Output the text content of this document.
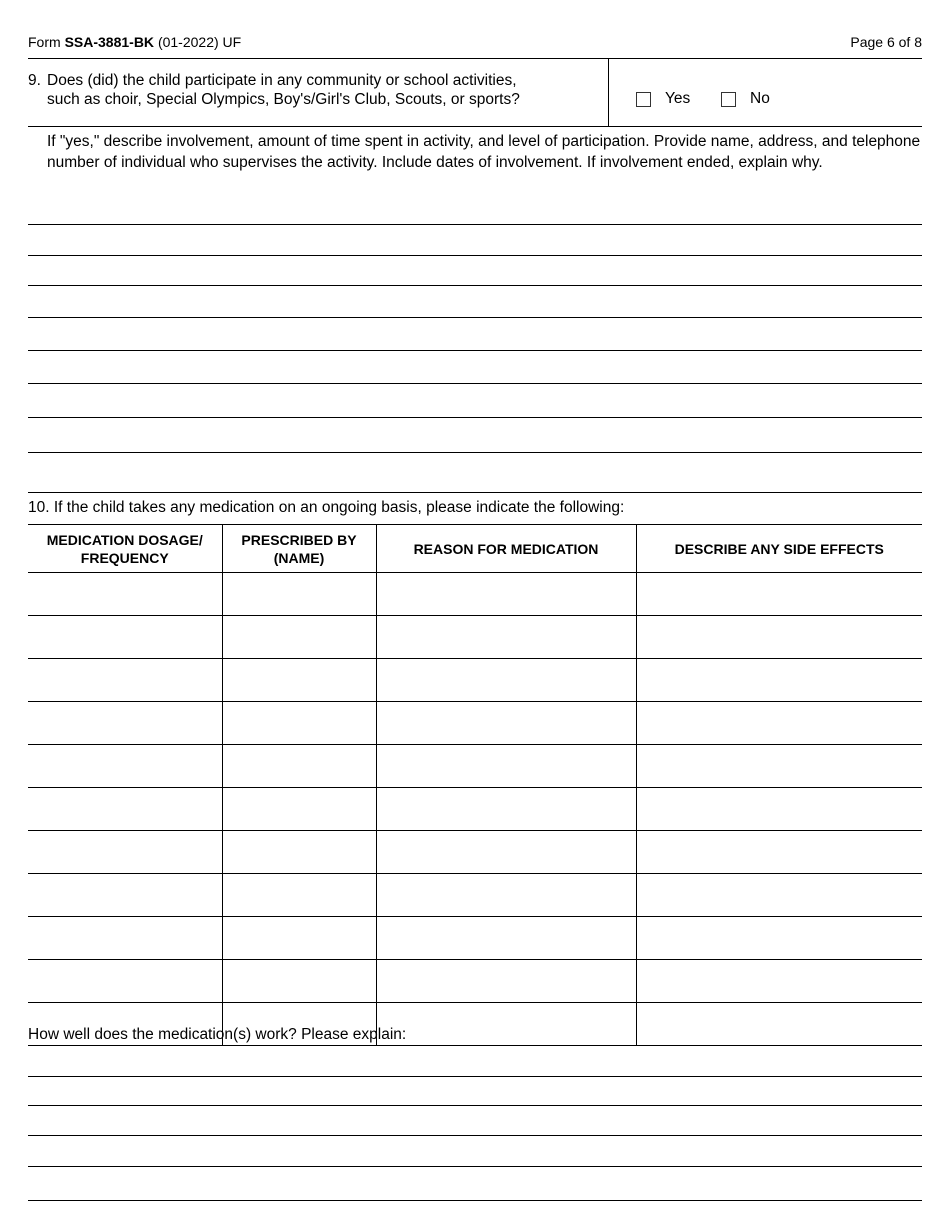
Form SSA-3881-BK (01-2022) UF	Page 6 of 8
9. Does (did) the child participate in any community or school activities,
such as choir, Special Olympics, Boy's/Girl's Club, Scouts, or sports?	Yes	No
If "yes," describe involvement, amount of time spent in activity, and level of participation. Provide name, address, and telephone number of individual who supervises the activity. Include dates of involvement. If involvement ended, explain why.
10. If the child takes any medication on an ongoing basis, please indicate the following:
MEDICATION DOSAGE/ FREQUENCY	PRESCRIBED BY (NAME)	REASON FOR MEDICATION	DESCRIBE ANY SIDE EFFECTS

How well does the medication(s) work? Please explain:
